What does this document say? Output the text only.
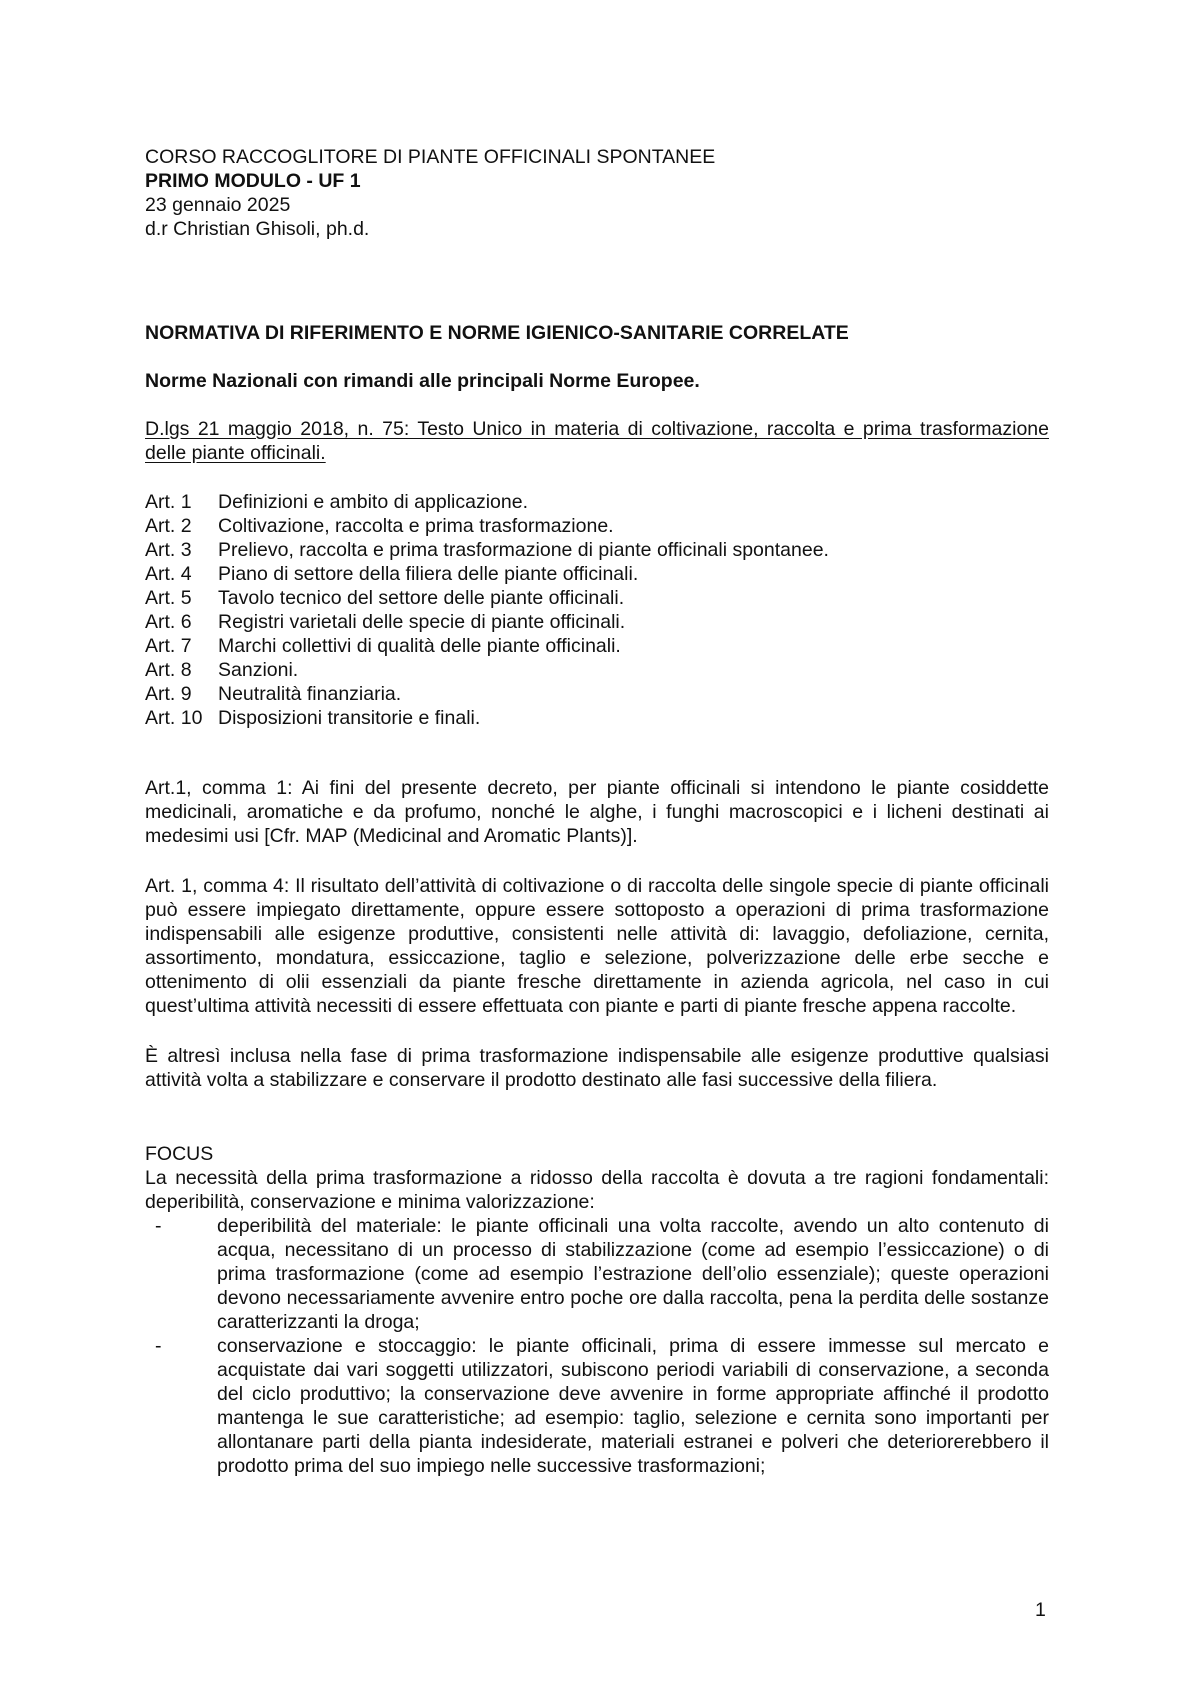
CORSO RACCOGLITORE DI PIANTE OFFICINALI SPONTANEE
PRIMO MODULO - UF 1
23 gennaio 2025
d.r Christian Ghisoli, ph.d.
NORMATIVA DI RIFERIMENTO E NORME IGIENICO-SANITARIE CORRELATE
Norme Nazionali con rimandi alle principali Norme Europee.
D.lgs 21 maggio 2018, n. 75: Testo Unico in materia di coltivazione, raccolta e prima trasformazione delle piante officinali.
Art. 1	Definizioni e ambito di applicazione.
Art. 2	Coltivazione, raccolta e prima trasformazione.
Art. 3	Prelievo, raccolta e prima trasformazione di piante officinali spontanee.
Art. 4	Piano di settore della filiera delle piante officinali.
Art. 5	Tavolo tecnico del settore delle piante officinali.
Art. 6	Registri varietali delle specie di piante officinali.
Art. 7	Marchi collettivi di qualità delle piante officinali.
Art. 8	Sanzioni.
Art. 9	Neutralità finanziaria.
Art. 10 Disposizioni transitorie e finali.
Art.1, comma 1: Ai fini del presente decreto, per piante officinali si intendono le piante cosiddette medicinali, aromatiche e da profumo, nonché le alghe, i funghi macroscopici e i licheni destinati ai medesimi usi [Cfr. MAP (Medicinal and Aromatic Plants)].
Art. 1, comma 4: Il risultato dell’attività di coltivazione o di raccolta delle singole specie di piante officinali può essere impiegato direttamente, oppure essere sottoposto a operazioni di prima trasformazione indispensabili alle esigenze produttive, consistenti nelle attività di: lavaggio, defoliazione, cernita, assortimento, mondatura, essiccazione, taglio e selezione, polverizzazione delle erbe secche e ottenimento di olii essenziali da piante fresche direttamente in azienda agricola, nel caso in cui quest’ultima attività necessiti di essere effettuata con piante e parti di piante fresche appena raccolte.
È altresì inclusa nella fase di prima trasformazione indispensabile alle esigenze produttive qualsiasi attività volta a stabilizzare e conservare il prodotto destinato alle fasi successive della filiera.
FOCUS
La necessità della prima trasformazione a ridosso della raccolta è dovuta a tre ragioni fondamentali: deperibilità, conservazione e minima valorizzazione:
-	deperibilità del materiale: le piante officinali una volta raccolte, avendo un alto contenuto di acqua, necessitano di un processo di stabilizzazione (come ad esempio l’essiccazione) o di prima trasformazione (come ad esempio l’estrazione dell’olio essenziale); queste operazioni devono necessariamente avvenire entro poche ore dalla raccolta, pena la perdita delle sostanze caratterizzanti la droga;
-	conservazione e stoccaggio: le piante officinali, prima di essere immesse sul mercato e acquistate dai vari soggetti utilizzatori, subiscono periodi variabili di conservazione, a seconda del ciclo produttivo; la conservazione deve avvenire in forme appropriate affinché il prodotto mantenga le sue caratteristiche; ad esempio: taglio, selezione e cernita sono importanti per allontanare parti della pianta indesiderate, materiali estranei e polveri che deteriorerebbero il prodotto prima del suo impiego nelle successive trasformazioni;
1
